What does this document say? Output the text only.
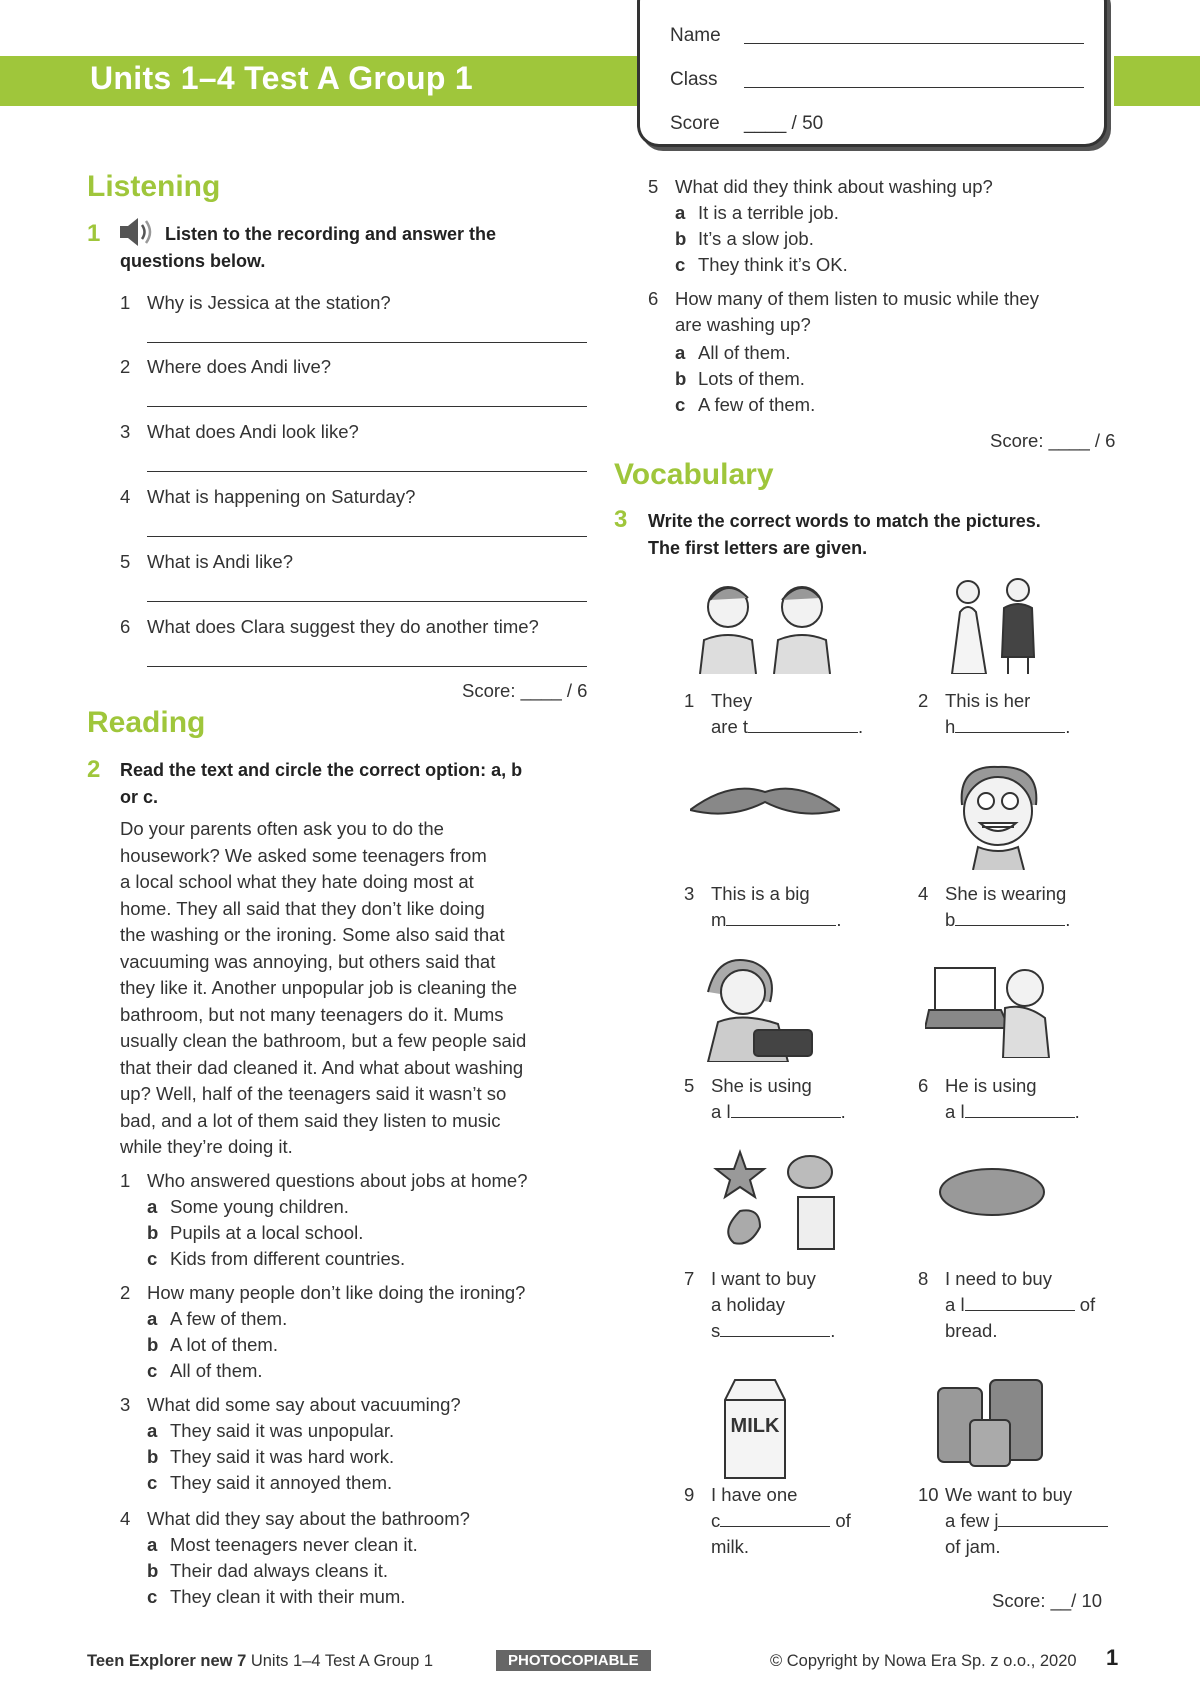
Units 1–4 Test A Group 1
Name
Class
Score ____ / 50
Listening
1	Listen to the recording and answer the
questions below.
Score: ____ / 6
Reading
2 Read the text and circle the correct option: a, b
or c.
Do your parents often ask you to do the
housework? We asked some teenagers from
a local school what they hate doing most at
home. They all said that they don’t like doing
the washing or the ironing. Some also said that
vacuuming was annoying, but others said that
they like it. Another unpopular job is cleaning the
bathroom, but not many teenagers do it. Mums
usually clean the bathroom, but a few people said
that their dad cleaned it. And what about washing
up? Well, half of the teenagers said it wasn’t so
bad, and a lot of them said they listen to music
while they’re doing it.
Score: ____ / 6
Vocabulary
3 Write the correct words to match the pictures.
The first letters are given.
MILK
Score: __/ 10
Teen Explorer new 7 Units 1–4 Test A Group 1	PHOTOCOPIABLE	© Copyright by Nowa Era Sp. z o.o., 2020 1
1 Why is Jessica at the station?
2 Where does Andi live?
3 What does Andi look like?
4 What is happening on Saturday?
5 What is Andi like?
6 What does Clara suggest they do another time?
1 Who answered questions about jobs at home?
a Some young children.
b Pupils at a local school.
c Kids from different countries.
2 How many people don’t like doing the ironing?
a A few of them.
b A lot of them.
c All of them.
3 What did some say about vacuuming?
a They said it was unpopular.
b They said it was hard work.
c They said it annoyed them.
4 What did they say about the bathroom?
a Most teenagers never clean it.
b Their dad always cleans it.
c They clean it with their mum.
5 What did they think about washing up?
a It is a terrible job.
b It’s a slow job.
c They think it’s OK.
6 How many of them listen to music while they
are washing up?
a All of them.
b Lots of them.
c A few of them.
1 They
are t	.
2 This is her
h	.
3 This is a big
m	.
4 She is wearing
b	.
5 She is using
a l	.
6 He is using
a l	.
7 I want to buy
a holiday
s	.
8 I need to buy
a l	of
bread.
9 I have one
c	of
milk.
10 We want to buy
a few j
of jam.
